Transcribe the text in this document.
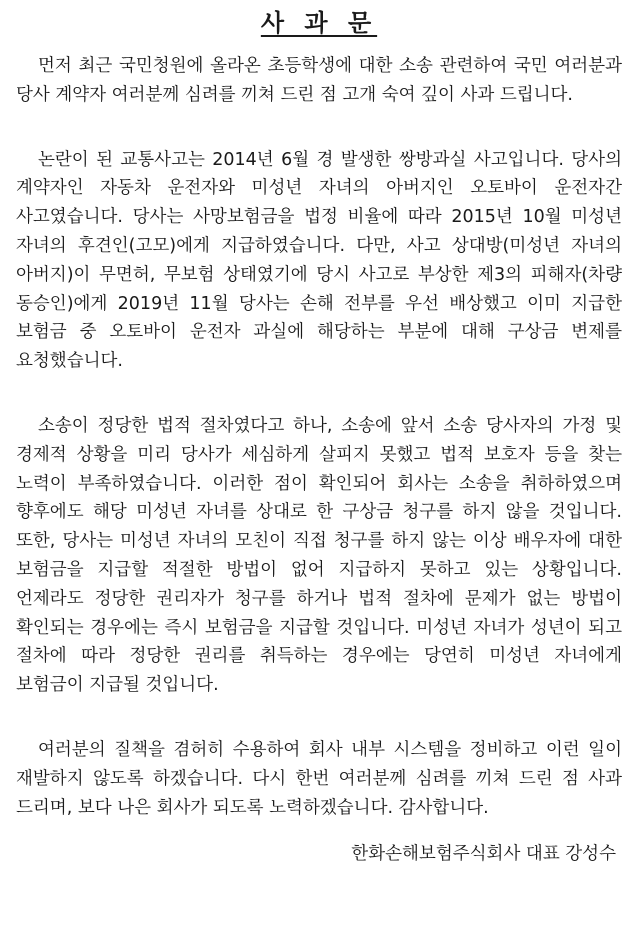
사 과 문

먼저 최근 국민청원에 올라온 초등학생에 대한 소송 관련하여 국민 여러분과 당사 계약자 여러분께 심려를 끼쳐 드린 점 고개 숙여 깊이 사과 드립니다.

논란이 된 교통사고는 2014년 6월 경 발생한 쌍방과실 사고입니다. 당사의 계약자인 자동차 운전자와 미성년 자녀의 아버지인 오토바이 운전자간 사고였습니다. 당사는 사망보험금을 법정 비율에 따라 2015년 10월 미성년 자녀의 후견인(고모)에게 지급하였습니다. 다만, 사고 상대방(미성년 자녀의 아버지)이 무면허, 무보험 상태였기에 당시 사고로 부상한 제3의 피해자(차량 동승인)에게 2019년 11월 당사는 손해 전부를 우선 배상했고 이미 지급한 보험금 중 오토바이 운전자 과실에 해당하는 부분에 대해 구상금 변제를 요청했습니다.

소송이 정당한 법적 절차였다고 하나, 소송에 앞서 소송 당사자의 가정 및 경제적 상황을 미리 당사가 세심하게 살피지 못했고 법적 보호자 등을 찾는 노력이 부족하였습니다. 이러한 점이 확인되어 회사는 소송을 취하하였으며 향후에도 해당 미성년 자녀를 상대로 한 구상금 청구를 하지 않을 것입니다. 또한, 당사는 미성년 자녀의 모친이 직접 청구를 하지 않는 이상 배우자에 대한 보험금을 지급할 적절한 방법이 없어 지급하지 못하고 있는 상황입니다. 언제라도 정당한 권리자가 청구를 하거나 법적 절차에 문제가 없는 방법이 확인되는 경우에는 즉시 보험금을 지급할 것입니다. 미성년 자녀가 성년이 되고 절차에 따라 정당한 권리를 취득하는 경우에는 당연히 미성년 자녀에게 보험금이 지급될 것입니다.

여러분의 질책을 겸허히 수용하여 회사 내부 시스템을 정비하고 이런 일이 재발하지 않도록 하겠습니다. 다시 한번 여러분께 심려를 끼쳐 드린 점 사과 드리며, 보다 나은 회사가 되도록 노력하겠습니다. 감사합니다.

한화손해보험주식회사 대표 강성수
